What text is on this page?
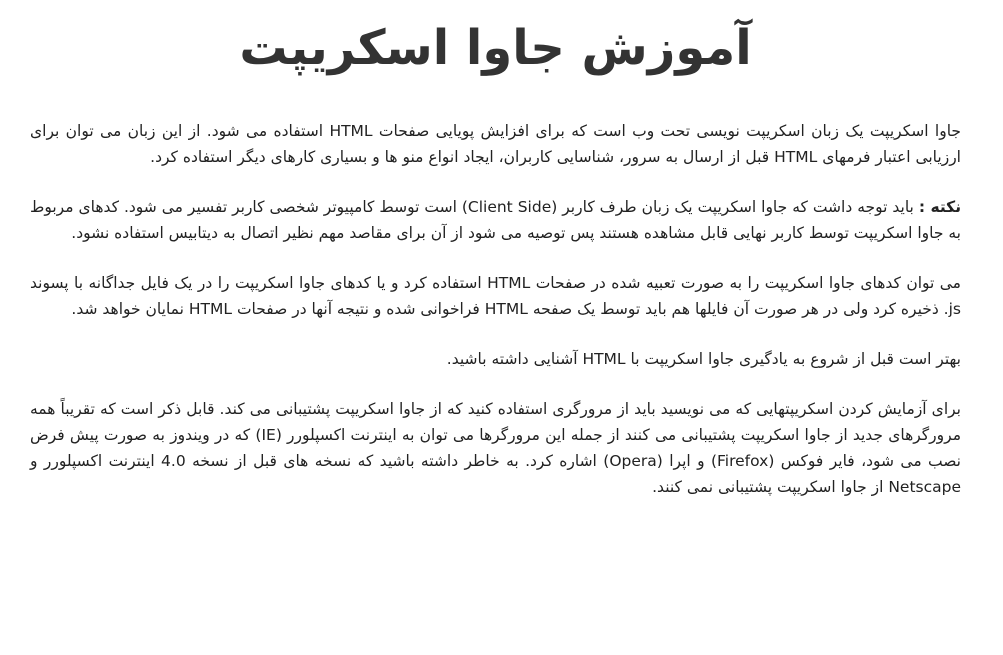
آموزش جاوا اسکریپت

جاوا اسکریپت یک زبان اسکریپت نویسی تحت وب است که برای افزایش پویایی صفحات HTML استفاده می شود. از این زبان می توان برای ارزیابی اعتبار فرمهای HTML قبل از ارسال به سرور، شناسایی کاربران، ایجاد انواع منو ها و بسیاری کارهای دیگر استفاده کرد.

نکته : باید توجه داشت که جاوا اسکریپت یک زبان طرف کاربر (Client Side) است توسط کامپیوتر شخصی کاربر تفسیر می شود. کدهای مربوط به جاوا اسکریپت توسط کاربر نهایی قابل مشاهده هستند پس توصیه می شود از آن برای مقاصد مهم نظیر اتصال به دیتابیس استفاده نشود.

می توان کدهای جاوا اسکریپت را به صورت تعبیه شده در صفحات HTML استفاده کرد و یا کدهای جاوا اسکریپت را در یک فایل جداگانه با پسوند js. ذخیره کرد ولی در هر صورت آن فایلها هم باید توسط یک صفحه HTML فراخوانی شده و نتیجه آنها در صفحات HTML نمایان خواهد شد.

بهتر است قبل از شروع به یادگیری جاوا اسکریپت با HTML آشنایی داشته باشید.

برای آزمایش کردن اسکریپتهایی که می نویسید باید از مرورگری استفاده کنید که از جاوا اسکریپت پشتیبانی می کند. قابل ذکر است که تقریباً همه مرورگرهای جدید از جاوا اسکریپت پشتیبانی می کنند از جمله این مرورگرها می توان به اینترنت اکسپلورر (IE) که در ویندوز به صورت پیش فرض نصب می شود، فایر فوکس (Firefox) و اپرا (Opera) اشاره کرد. به خاطر داشته باشید که نسخه های قبل از نسخه 4.0 اینترنت اکسپلورر و Netscape از جاوا اسکریپت پشتیبانی نمی کنند.
